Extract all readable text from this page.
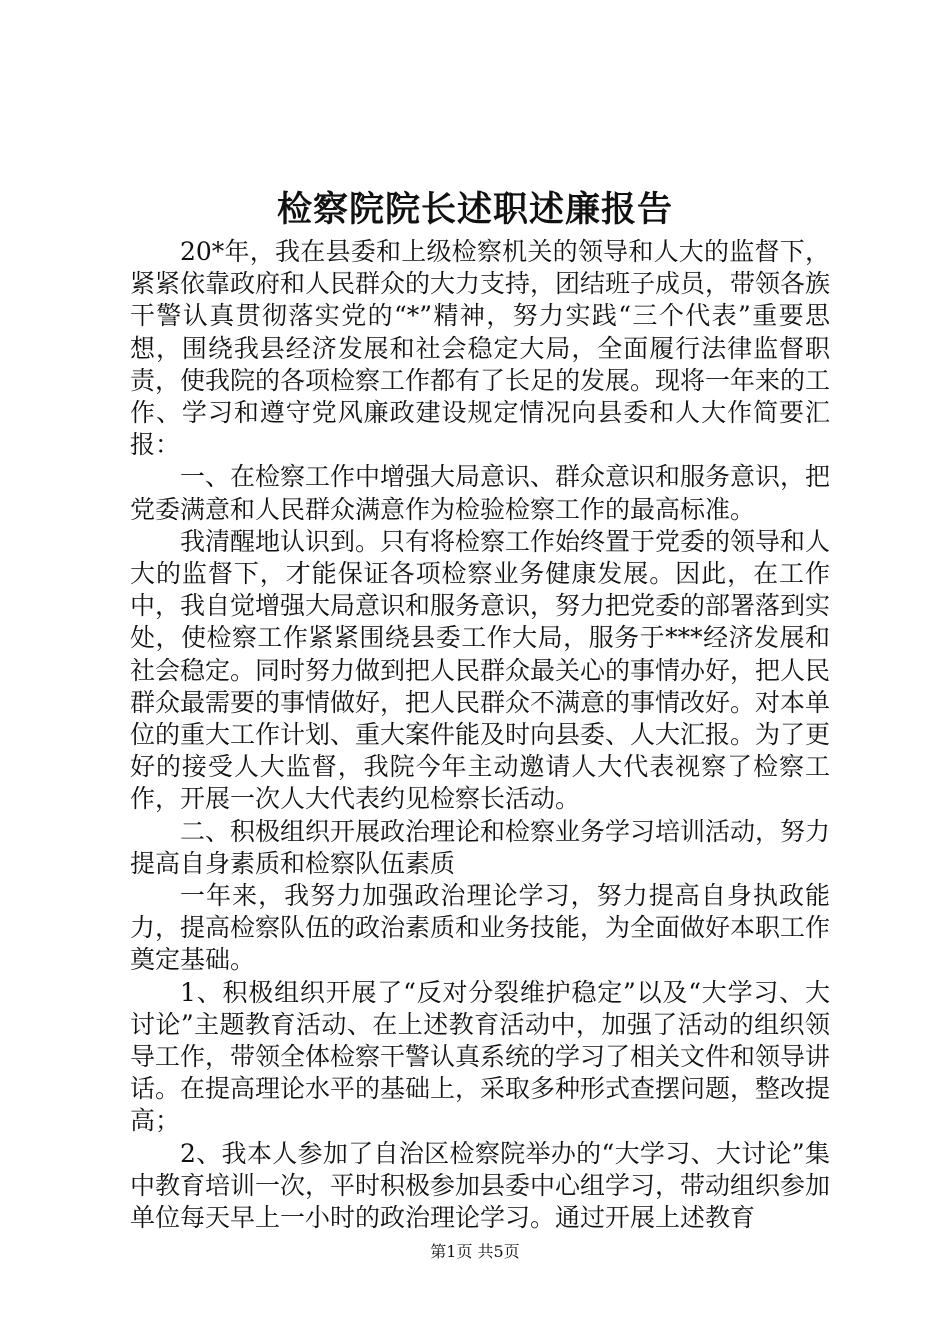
检察院院长述职述廉报告

20*年，我在县委和上级检察机关的领导和人大的监督下，紧紧依靠政府和人民群众的大力支持，团结班子成员，带领各族干警认真贯彻落实党的“*”精神，努力实践“三个代表”重要思想，围绕我县经济发展和社会稳定大局，全面履行法律监督职责，使我院的各项检察工作都有了长足的发展。现将一年来的工作、学习和遵守党风廉政建设规定情况向县委和人大作简要汇报：

一、在检察工作中增强大局意识、群众意识和服务意识，把党委满意和人民群众满意作为检验检察工作的最高标准。

我清醒地认识到。只有将检察工作始终置于党委的领导和人大的监督下，才能保证各项检察业务健康发展。因此，在工作中，我自觉增强大局意识和服务意识，努力把党委的部署落到实处，使检察工作紧紧围绕县委工作大局，服务于***经济发展和社会稳定。同时努力做到把人民群众最关心的事情办好，把人民群众最需要的事情做好，把人民群众不满意的事情改好。对本单位的重大工作计划、重大案件能及时向县委、人大汇报。为了更好的接受人大监督，我院今年主动邀请人大代表视察了检察工作，开展一次人大代表约见检察长活动。

二、积极组织开展政治理论和检察业务学习培训活动，努力提高自身素质和检察队伍素质

一年来，我努力加强政治理论学习，努力提高自身执政能力，提高检察队伍的政治素质和业务技能，为全面做好本职工作奠定基础。

1、积极组织开展了“反对分裂维护稳定”以及“大学习、大讨论”主题教育活动、在上述教育活动中，加强了活动的组织领导工作，带领全体检察干警认真系统的学习了相关文件和领导讲话。在提高理论水平的基础上，采取多种形式查摆问题，整改提高；

2、我本人参加了自治区检察院举办的“大学习、大讨论”集中教育培训一次，平时积极参加县委中心组学习，带动组织参加单位每天早上一小时的政治理论学习。通过开展上述教育

第1页 共5页
